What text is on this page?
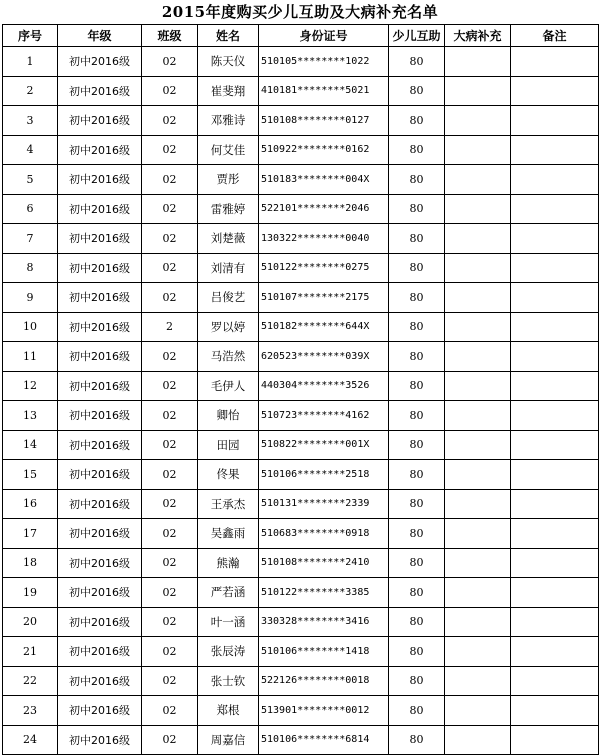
2015年度购买少儿互助及大病补充名单
序号	年级	班级	姓名	身份证号	少儿互助	大病补充	备注
1	初中2016级	02	陈天仪	510105********1022	80		
2	初中2016级	02	崔斐翔	410181********5021	80		
3	初中2016级	02	邓雅诗	510108********0127	80		
4	初中2016级	02	何艾佳	510922********0162	80		
5	初中2016级	02	贾彤	510183********004X	80		
6	初中2016级	02	雷雅婷	522101********2046	80		
7	初中2016级	02	刘楚薇	130322********0040	80		
8	初中2016级	02	刘清有	510122********0275	80		
9	初中2016级	02	吕俊艺	510107********2175	80		
10	初中2016级	2	罗以婷	510182********644X	80		
11	初中2016级	02	马浩然	620523********039X	80		
12	初中2016级	02	毛伊人	440304********3526	80		
13	初中2016级	02	卿怡	510723********4162	80		
14	初中2016级	02	田园	510822********001X	80		
15	初中2016级	02	佟果	510106********2518	80		
16	初中2016级	02	王承杰	510131********2339	80		
17	初中2016级	02	吴鑫雨	510683********0918	80		
18	初中2016级	02	熊瀚	510108********2410	80		
19	初中2016级	02	严若涵	510122********3385	80		
20	初中2016级	02	叶一涵	330328********3416	80		
21	初中2016级	02	张辰涛	510106********1418	80		
22	初中2016级	02	张士钦	522126********0018	80		
23	初中2016级	02	郑根	513901********0012	80		
24	初中2016级	02	周嘉信	510106********6814	80		
